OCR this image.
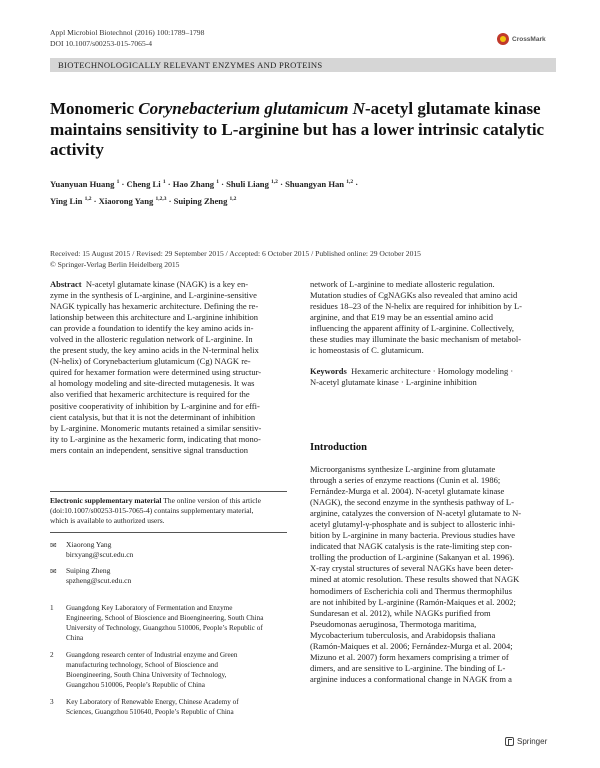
Appl Microbiol Biotechnol (2016) 100:1789–1798
DOI 10.1007/s00253-015-7065-4	CrossMark
BIOTECHNOLOGICALLY RELEVANT ENZYMES AND PROTEINS
Monomeric Corynebacterium glutamicum N-acetyl glutamate kinase maintains sensitivity to L-arginine but has a lower intrinsic catalytic activity
Yuanyuan Huang $^1$ · Cheng Li $^1$ · Hao Zhang $^1$ · Shuli Liang $^{1,2}$ · Shuangyan Han $^{1,2}$ ·
Ying Lin $^{1,2}$ · Xiaorong Yang $^{1,2,3}$ · Suiping Zheng $^{1,2}$
Received: 15 August 2015 / Revised: 29 September 2015 / Accepted: 6 October 2015 / Published online: 29 October 2015
© Springer-Verlag Berlin Heidelberg 2015
Abstract N-acetyl glutamate kinase (NAGK) is a key en-
zyme in the synthesis of L-arginine, and L-arginine-sensitive
NAGK typically has hexameric architecture. Defining the re-
lationship between this architecture and L-arginine inhibition
can provide a foundation to identify the key amino acids in-
volved in the allosteric regulation network of L-arginine. In
the present study, the key amino acids in the N-terminal helix
(N-helix) of Corynebacterium glutamicum (Cg) NAGK re-
quired for hexamer formation were determined using structur-
al homology modeling and site-directed mutagenesis. It was
also verified that hexameric architecture is required for the
positive cooperativity of inhibition by L-arginine and for effi-
cient catalysis, but that it is not the determinant of inhibition
by L-arginine. Monomeric mutants retained a similar sensitiv-
ity to L-arginine as the hexameric form, indicating that mono-
mers contain an independent, sensitive signal transduction
Electronic supplementary material The online version of this article
(doi:10.1007/s00253-015-7065-4) contains supplementary material,
which is available to authorized users.
✉ Xiaorong Yang
birxyang@scut.edu.cn
✉ Suiping Zheng
spzheng@scut.edu.cn
1 Guangdong Key Laboratory of Fermentation and Enzyme
Engineering, School of Bioscience and Bioengineering, South China
University of Technology, Guangzhou 510006, People’s Republic of
China
2 Guangdong research center of Industrial enzyme and Green
manufacturing technology, School of Bioscience and
Bioengineering, South China University of Technology,
Guangzhou 510006, People’s Republic of China
3 Key Laboratory of Renewable Energy, Chinese Academy of
Sciences, Guangzhou 510640, People’s Republic of China
network of L-arginine to mediate allosteric regulation.
Mutation studies of CgNAGKs also revealed that amino acid
residues 18–23 of the N-helix are required for inhibition by L-
arginine, and that E19 may be an essential amino acid
influencing the apparent affinity of L-arginine. Collectively,
these studies may illuminate the basic mechanism of metabol-
ic homeostasis of C. glutamicum.
Keywords Hexameric architecture · Homology modeling ·
N-acetyl glutamate kinase · L-arginine inhibition
Introduction
Microorganisms synthesize L-arginine from glutamate
through a series of enzyme reactions (Cunin et al. 1986;
Fernández-Murga et al. 2004). N-acetyl glutamate kinase
(NAGK), the second enzyme in the synthesis pathway of L-
arginine, catalyzes the conversion of N-acetyl glutamate to N-
acetyl glutamyl-γ-phosphate and is subject to allosteric inhi-
bition by L-arginine in many bacteria. Previous studies have
indicated that NAGK catalysis is the rate-limiting step con-
trolling the production of L-arginine (Sakanyan et al. 1996).
X-ray crystal structures of several NAGKs have been deter-
mined at atomic resolution. These results showed that NAGK
homodimers of Escherichia coli and Thermus thermophilus
are not inhibited by L-arginine (Ramón-Maiques et al. 2002;
Sundaresan et al. 2012), while NAGKs purified from
Pseudomonas aeruginosa, Thermotoga maritima,
Mycobacterium tuberculosis, and Arabidopsis thaliana
(Ramón-Maiques et al. 2006; Fernández-Murga et al. 2004;
Mizuno et al. 2007) form hexamers comprising a trimer of
dimers, and are sensitive to L-arginine. The binding of L-
arginine induces a conformational change in NAGK from a
Springer
